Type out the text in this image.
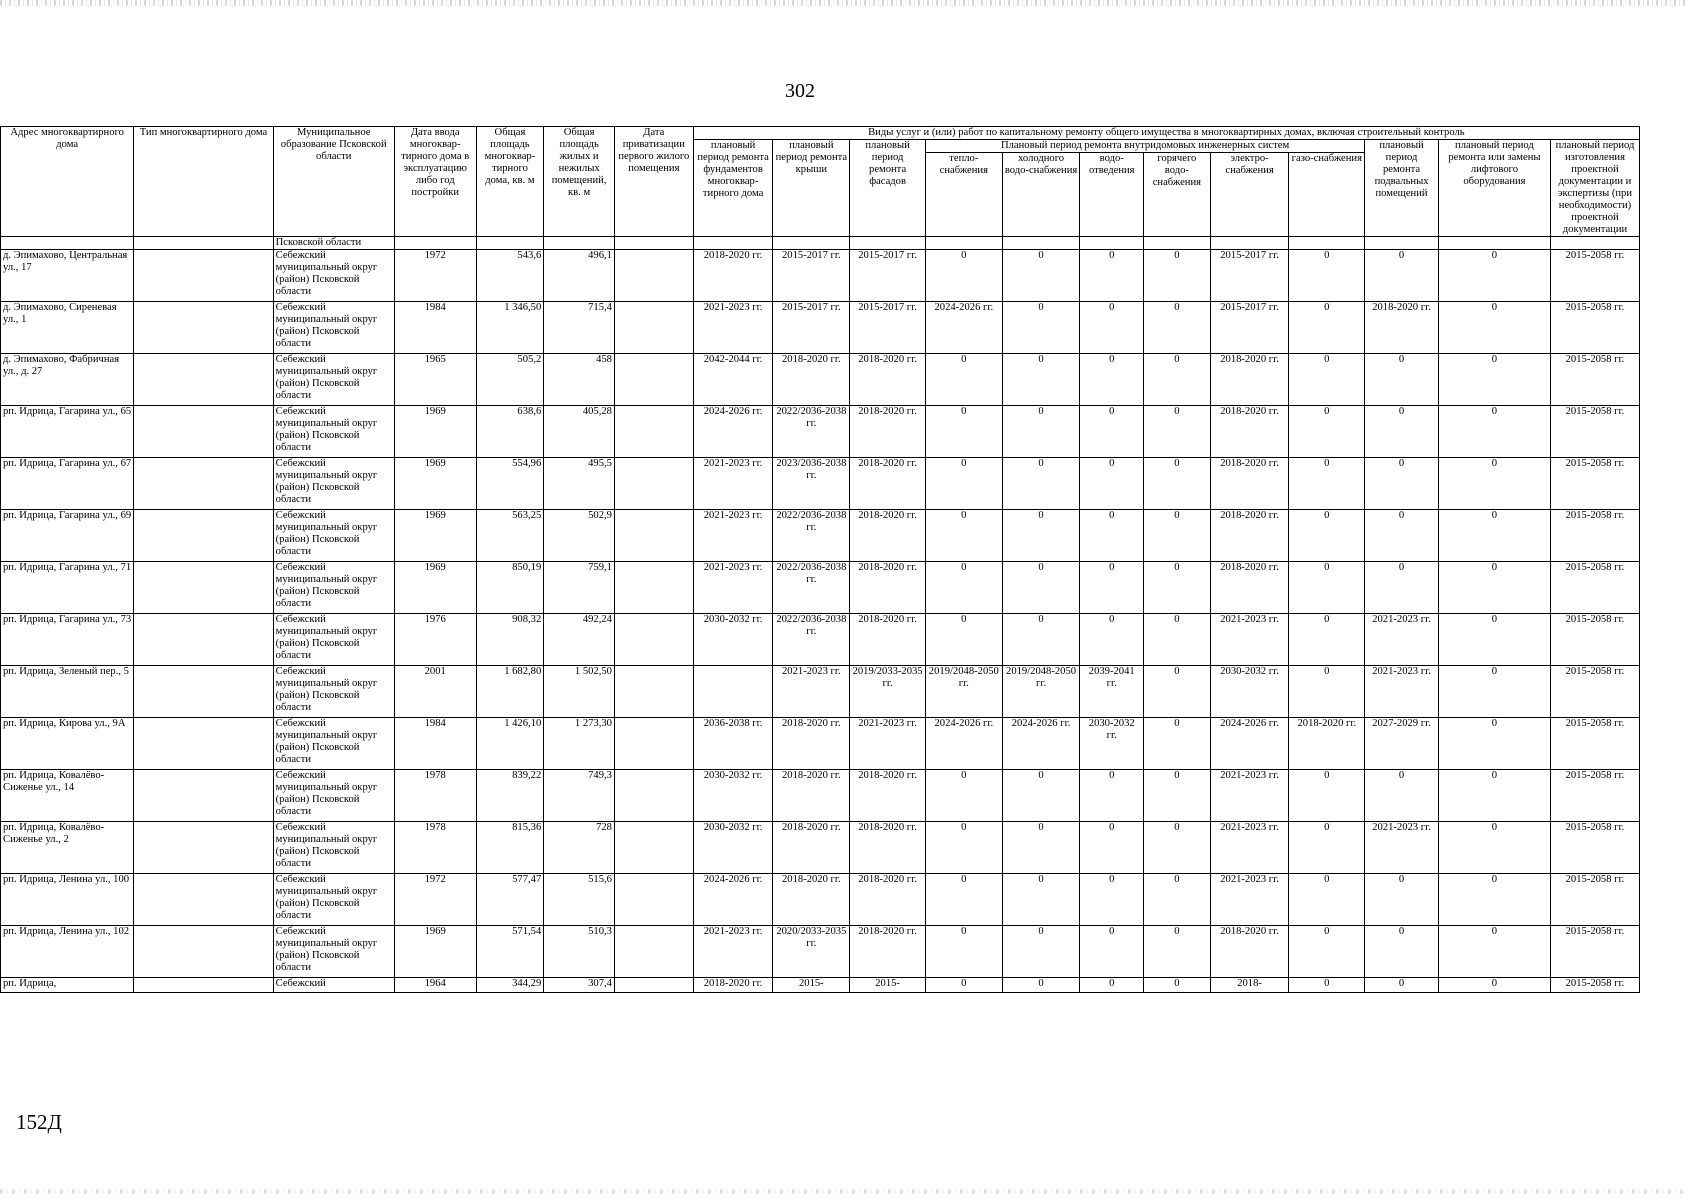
302
Адрес многоквартирного дома	Тип многоквартирного дома	Муниципальное образование Псковской области	Дата ввода многоквар-тирного дома в эксплуатацию либо год постройки	Общая площадь многоквар-тирного дома, кв. м	Общая площадь жилых и нежилых помещений, кв. м	Дата приватизации первого жилого помещения	Виды услуг и (или) работ по капитальному ремонту общего имущества в многоквартирных домах, включая строительный контроль											
							плановый период ремонта фундаментов многоквар-тирного дома	плановый период ремонта крыши	плановый период ремонта фасадов	Плановый период ремонта внутридомовых инженерных систем						плановый период ремонта подвальных помещений	плановый период ремонта или замены лифтового оборудования	плановый период изготовления проектной документации и экспертизы (при необходимости) проектной документации
										тепло-снабжения	холодного водо-снабжения	водо-отведения	горячего водо-снабжения	электро-снабжения	газо-снабжения			
		Псковской области																
д. Эпимахово, Центральная ул., 17		Себежский муниципальный округ (район) Псковской области	1972	543,6	496,1		2018-2020 гг.	2015-2017 гг.	2015-2017 гг.	0	0	0	0	2015-2017 гг.	0	0	0	2015-2058 гг.
д. Эпимахово, Сиреневая ул., 1		Себежский муниципальный округ (район) Псковской области	1984	1 346,50	715,4		2021-2023 гг.	2015-2017 гг.	2015-2017 гг.	2024-2026 гг.	0	0	0	2015-2017 гг.	0	2018-2020 гг.	0	2015-2058 гг.
д. Эпимахово, Фабричная ул., д. 27		Себежский муниципальный округ (район) Псковской области	1965	505,2	458		2042-2044 гг.	2018-2020 гг.	2018-2020 гг.	0	0	0	0	2018-2020 гг.	0	0	0	2015-2058 гг.
рп. Идрица, Гагарина ул., 65		Себежский муниципальный округ (район) Псковской области	1969	638,6	405,28		2024-2026 гг.	2022/2036-2038 гг.	2018-2020 гг.	0	0	0	0	2018-2020 гг.	0	0	0	2015-2058 гг.
рп. Идрица, Гагарина ул., 67		Себежский муниципальный округ (район) Псковской области	1969	554,96	495,5		2021-2023 гг.	2023/2036-2038 гг.	2018-2020 гг.	0	0	0	0	2018-2020 гг.	0	0	0	2015-2058 гг.
рп. Идрица, Гагарина ул., 69		Себежский муниципальный округ (район) Псковской области	1969	563,25	502,9		2021-2023 гг.	2022/2036-2038 гг.	2018-2020 гг.	0	0	0	0	2018-2020 гг.	0	0	0	2015-2058 гг.
рп. Идрица, Гагарина ул., 71		Себежский муниципальный округ (район) Псковской области	1969	850,19	759,1		2021-2023 гг.	2022/2036-2038 гг.	2018-2020 гг.	0	0	0	0	2018-2020 гг.	0	0	0	2015-2058 гг.
рп. Идрица, Гагарина ул., 73		Себежский муниципальный округ (район) Псковской области	1976	908,32	492,24		2030-2032 гг.	2022/2036-2038 гг.	2018-2020 гг.	0	0	0	0	2021-2023 гг.	0	2021-2023 гг.	0	2015-2058 гг.
рп. Идрица, Зеленый пер., 5		Себежский муниципальный округ (район) Псковской области	2001	1 682,80	1 502,50			2021-2023 гг.	2019/2033-2035 гг.	2019/2048-2050 гг.	2019/2048-2050 гг.	2039-2041 гг.	0	2030-2032 гг.	0	2021-2023 гг.	0	2015-2058 гг.
рп. Идрица, Кирова ул., 9А		Себежский муниципальный округ (район) Псковской области	1984	1 426,10	1 273,30		2036-2038 гг.	2018-2020 гг.	2021-2023 гг.	2024-2026 гг.	2024-2026 гг.	2030-2032 гг.	0	2024-2026 гг.	2018-2020 гг.	2027-2029 гг.	0	2015-2058 гг.
рп. Идрица, Ковалёво-Сиженье ул., 14		Себежский муниципальный округ (район) Псковской области	1978	839,22	749,3		2030-2032 гг.	2018-2020 гг.	2018-2020 гг.	0	0	0	0	2021-2023 гг.	0	0	0	2015-2058 гг.
рп. Идрица, Ковалёво-Сиженье ул., 2		Себежский муниципальный округ (район) Псковской области	1978	815,36	728		2030-2032 гг.	2018-2020 гг.	2018-2020 гг.	0	0	0	0	2021-2023 гг.	0	2021-2023 гг.	0	2015-2058 гг.
рп. Идрица, Ленина ул., 100		Себежский муниципальный округ (район) Псковской области	1972	577,47	515,6		2024-2026 гг.	2018-2020 гг.	2018-2020 гг.	0	0	0	0	2021-2023 гг.	0	0	0	2015-2058 гг.
рп. Идрица, Ленина ул., 102		Себежский муниципальный округ (район) Псковской области	1969	571,54	510,3		2021-2023 гг.	2020/2033-2035 гг.	2018-2020 гг.	0	0	0	0	2018-2020 гг.	0	0	0	2015-2058 гг.
рп. Идрица,		Себежский	1964	344,29	307,4		2018-2020 гг.	2015-	2015-	0	0	0	0	2018-	0	0	0	2015-2058 гг.
152Д
